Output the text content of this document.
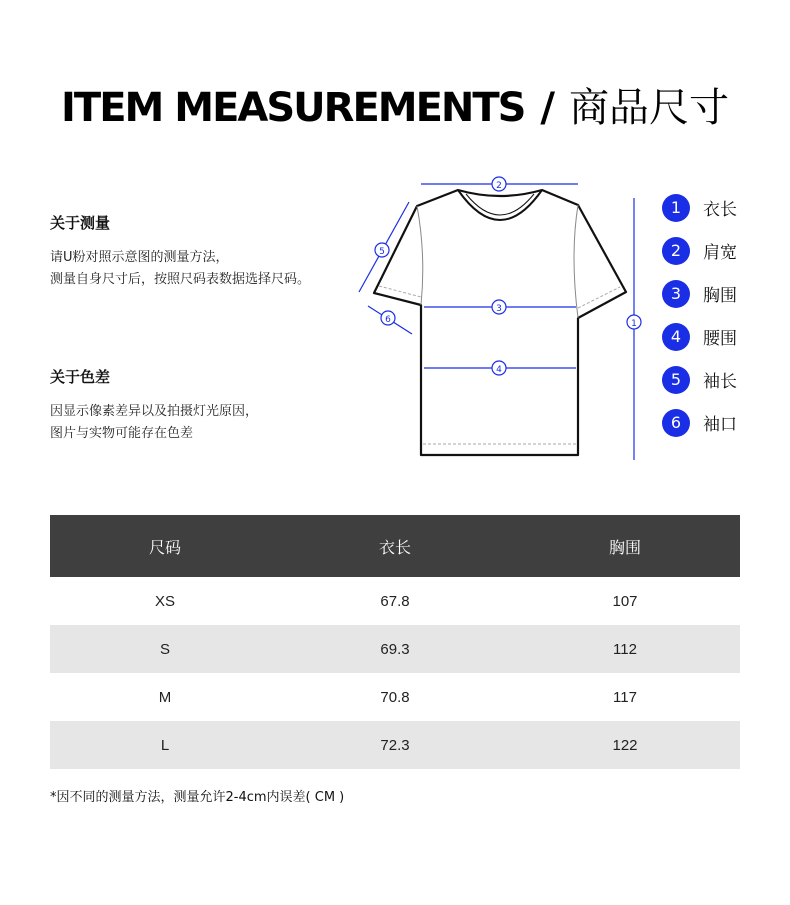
ITEM MEASUREMENTS / 商品尺寸
关于测量

请U粉对照示意图的测量方法，

测量自身尺寸后，按照尺码表数据选择尺码。

关于色差

因显示像素差异以及拍摄灯光原因，

图片与实物可能存在色差

1
2
3
4
5
6
1	衣长
2	肩宽
3	胸围
4	腰围
5	袖长
6	袖口
尺码	衣长	胸围
XS	67.8	107
S	69.3	112
M	70.8	117
L	72.3	122
*因不同的测量方法，测量允许2-4cm内误差( CM )
